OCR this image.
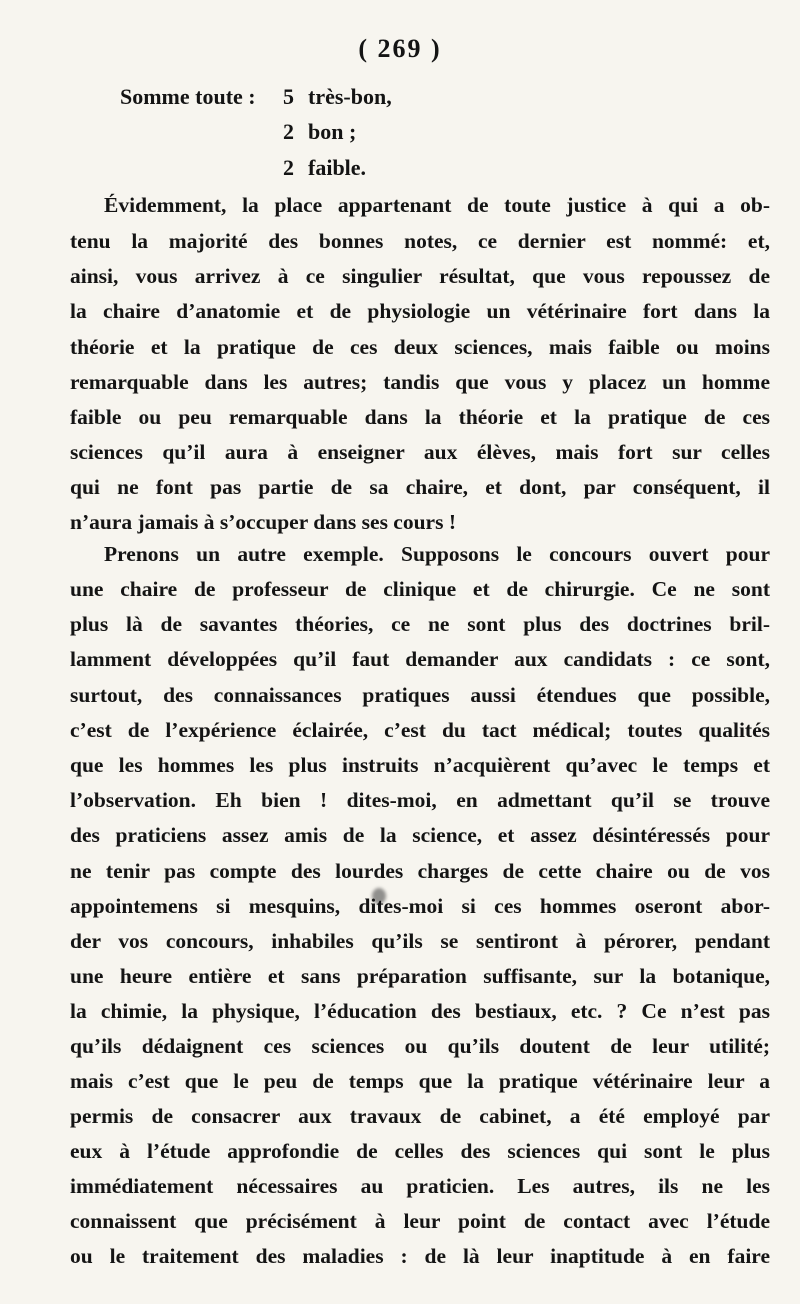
( 269 )
Somme toute : 5 très-bon,
2 bon ;
2 faible.
Évidemment, la place appartenant de toute justice à qui a ob-
tenu la majorité des bonnes notes, ce dernier est nommé: et,
ainsi, vous arrivez à ce singulier résultat, que vous repoussez de
la chaire d’anatomie et de physiologie un vétérinaire fort dans la
théorie et la pratique de ces deux sciences, mais faible ou moins
remarquable dans les autres; tandis que vous y placez un homme
faible ou peu remarquable dans la théorie et la pratique de ces
sciences qu’il aura à enseigner aux élèves, mais fort sur celles
qui ne font pas partie de sa chaire, et dont, par conséquent, il
n’aura jamais à s’occuper dans ses cours !
Prenons un autre exemple. Supposons le concours ouvert pour
une chaire de professeur de clinique et de chirurgie. Ce ne sont
plus là de savantes théories, ce ne sont plus des doctrines bril-
lamment développées qu’il faut demander aux candidats : ce sont,
surtout, des connaissances pratiques aussi étendues que possible,
c’est de l’expérience éclairée, c’est du tact médical; toutes qualités
que les hommes les plus instruits n’acquièrent qu’avec le temps et
l’observation. Eh bien ! dites-moi, en admettant qu’il se trouve
des praticiens assez amis de la science, et assez désintéressés pour
ne tenir pas compte des lourdes charges de cette chaire ou de vos
appointemens si mesquins, dites-moi si ces hommes oseront abor-
der vos concours, inhabiles qu’ils se sentiront à pérorer, pendant
une heure entière et sans préparation suffisante, sur la botanique,
la chimie, la physique, l’éducation des bestiaux, etc. ? Ce n’est pas
qu’ils dédaignent ces sciences ou qu’ils doutent de leur utilité;
mais c’est que le peu de temps que la pratique vétérinaire leur a
permis de consacrer aux travaux de cabinet, a été employé par
eux à l’étude approfondie de celles des sciences qui sont le plus
immédiatement nécessaires au praticien. Les autres, ils ne les
connaissent que précisément à leur point de contact avec l’étude
ou le traitement des maladies : de là leur inaptitude à en faire
